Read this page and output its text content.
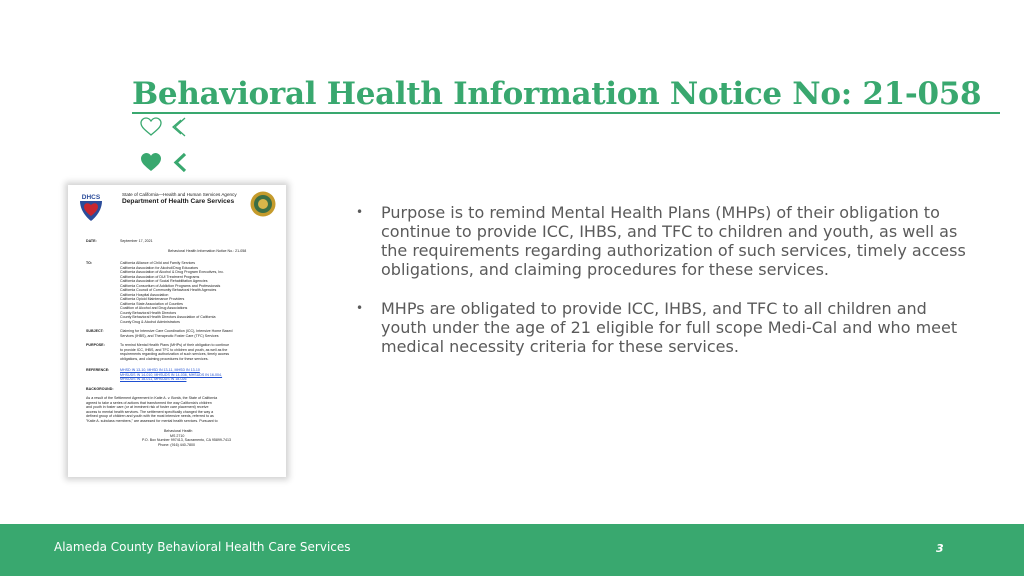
Behavioral Health Information Notice No: 21-058
DHCS	State of California—Health and Human Services Agency
Department of Health Care Services
DATE:	September 17, 2021
Behavioral Health Information Notice No.: 21-058
TO:	California Alliance of Child and Family Services
California Association for Alcohol/Drug Educators
California Association of Alcohol & Drug Program Executives, Inc.
California Association of DUI Treatment Programs
California Association of Social Rehabilitation Agencies
California Consortium of Addiction Programs and Professionals
California Council of Community Behavioral Health Agencies
California Hospital Association
California Opioid Maintenance Providers
California State Association of Counties
Coalition of Alcohol and Drug Associations
County Behavioral Health Directors
County Behavioral Health Directors Association of California
County Drug & Alcohol Administrators
SUBJECT:	Claiming for Intensive Care Coordination (ICC), Intensive Home Based
Services (IHBS), and Therapeutic Foster Care (TFC) Services
PURPOSE:	To remind Mental Health Plans (MHPs) of their obligation to continue
to provide ICC, IHBS, and TFC to children and youth, as well as the
requirements regarding authorization of such services, timely access
obligations, and claiming procedures for these services.
REFERENCE:	MHSD IN 13-10, MHSD IN 13-11, MHSD IN 13-10
MHSUDS IN 14-010, MHSUDS IN 14-036, MHSUDS IN 16-004,
MHSUDS IN 18-011, MHSUDS IN 18-026
BACKGROUND:
As a result of the Settlement Agreement in Katie A. v. Bontá, the State of California
agreed to take a series of actions that transformed the way California's children
and youth in foster care (or at imminent risk of foster care placement) receive
access to mental health services. The settlement specifically changed the way a
defined group of children and youth with the most intensive needs, referred to as
"Katie A. subclass members," are assessed for mental health services. Pursuant to
Behavioral Health
MS 2710
P.O. Box Number 997413, Sacramento, CA 95899-7413
Phone: (916) 440-7800
• Purpose is to remind Mental Health Plans (MHPs) of their obligation to continue to provide ICC, IHBS, and TFC to children and youth, as well as the requirements regarding authorization of such services, timely access obligations, and claiming procedures for these services.
• MHPs are obligated to provide ICC, IHBS, and TFC to all children and youth under the age of 21 eligible for full scope Medi-Cal and who meet medical necessity criteria for these services.
Alameda County Behavioral Health Care Services	3
